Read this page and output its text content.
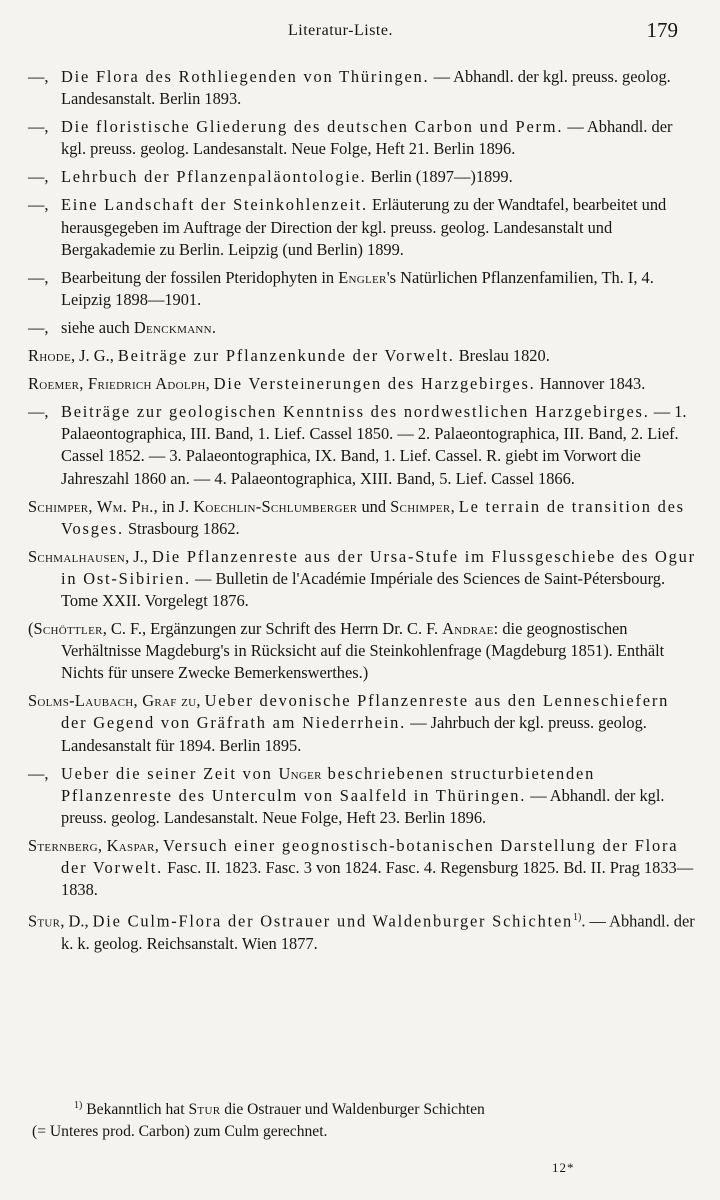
Literatur-Liste.	179
—, Die Flora des Rothliegenden von Thüringen. — Abhandl. der kgl. preuss. geolog. Landesanstalt. Berlin 1893.
—, Die floristische Gliederung des deutschen Carbon und Perm. — Abhandl. der kgl. preuss. geolog. Landesanstalt. Neue Folge, Heft 21. Berlin 1896.
—, Lehrbuch der Pflanzenpaläontologie. Berlin (1897—)1899.
—, Eine Landschaft der Steinkohlenzeit. Erläuterung zu der Wandtafel, bearbeitet und herausgegeben im Auftrage der Direction der kgl. preuss. geolog. Landesanstalt und Bergakademie zu Berlin. Leipzig (und Berlin) 1899.
—, Bearbeitung der fossilen Pteridophyten in Engler's Natürlichen Pflanzenfamilien, Th. I, 4. Leipzig 1898—1901.
—, siehe auch Denckmann.
Rhode, J. G., Beiträge zur Pflanzenkunde der Vorwelt. Breslau 1820.
Roemer, Friedrich Adolph, Die Versteinerungen des Harzgebirges. Hannover 1843.
—, Beiträge zur geologischen Kenntniss des nordwestlichen Harzgebirges. — 1. Palaeontographica, III. Band, 1. Lief. Cassel 1850. — 2. Palaeontographica, III. Band, 2. Lief. Cassel 1852. — 3. Palaeontographica, IX. Band, 1. Lief. Cassel. R. giebt im Vorwort die Jahreszahl 1860 an. — 4. Palaeontographica, XIII. Band, 5. Lief. Cassel 1866.
Schimper, Wm. Ph., in J. Koechlin-Schlumberger und Schimper, Le terrain de transition des Vosges. Strasbourg 1862.
Schmalhausen, J., Die Pflanzenreste aus der Ursa-Stufe im Flussgeschiebe des Ogur in Ost-Sibirien. — Bulletin de l'Académie Impériale des Sciences de Saint-Pétersbourg. Tome XXII. Vorgelegt 1876.
(Schöttler, C. F., Ergänzungen zur Schrift des Herrn Dr. C. F. Andrae: die geognostischen Verhältnisse Magdeburg's in Rücksicht auf die Steinkohlenfrage (Magdeburg 1851). Enthält Nichts für unsere Zwecke Bemerkenswerthes.)
Solms-Laubach, Graf zu, Ueber devonische Pflanzenreste aus den Lenneschiefern der Gegend von Gräfrath am Niederrhein. — Jahrbuch der kgl. preuss. geolog. Landesanstalt für 1894. Berlin 1895.
—, Ueber die seiner Zeit von Unger beschriebenen structurbietenden Pflanzenreste des Unterculm von Saalfeld in Thüringen. — Abhandl. der kgl. preuss. geolog. Landesanstalt. Neue Folge, Heft 23. Berlin 1896.
Sternberg, Kaspar, Versuch einer geognostisch-botanischen Darstellung der Flora der Vorwelt. Fasc. II. 1823. Fasc. 3 von 1824. Fasc. 4. Regensburg 1825. Bd. II. Prag 1833—1838.
Stur, D., Die Culm-Flora der Ostrauer und Waldenburger Schichten$^{1)}$. — Abhandl. der k. k. geolog. Reichsanstalt. Wien 1877.
$^{1)}$ Bekanntlich hat Stur die Ostrauer und Waldenburger Schichten
(= Unteres prod. Carbon) zum Culm gerechnet.
12*
